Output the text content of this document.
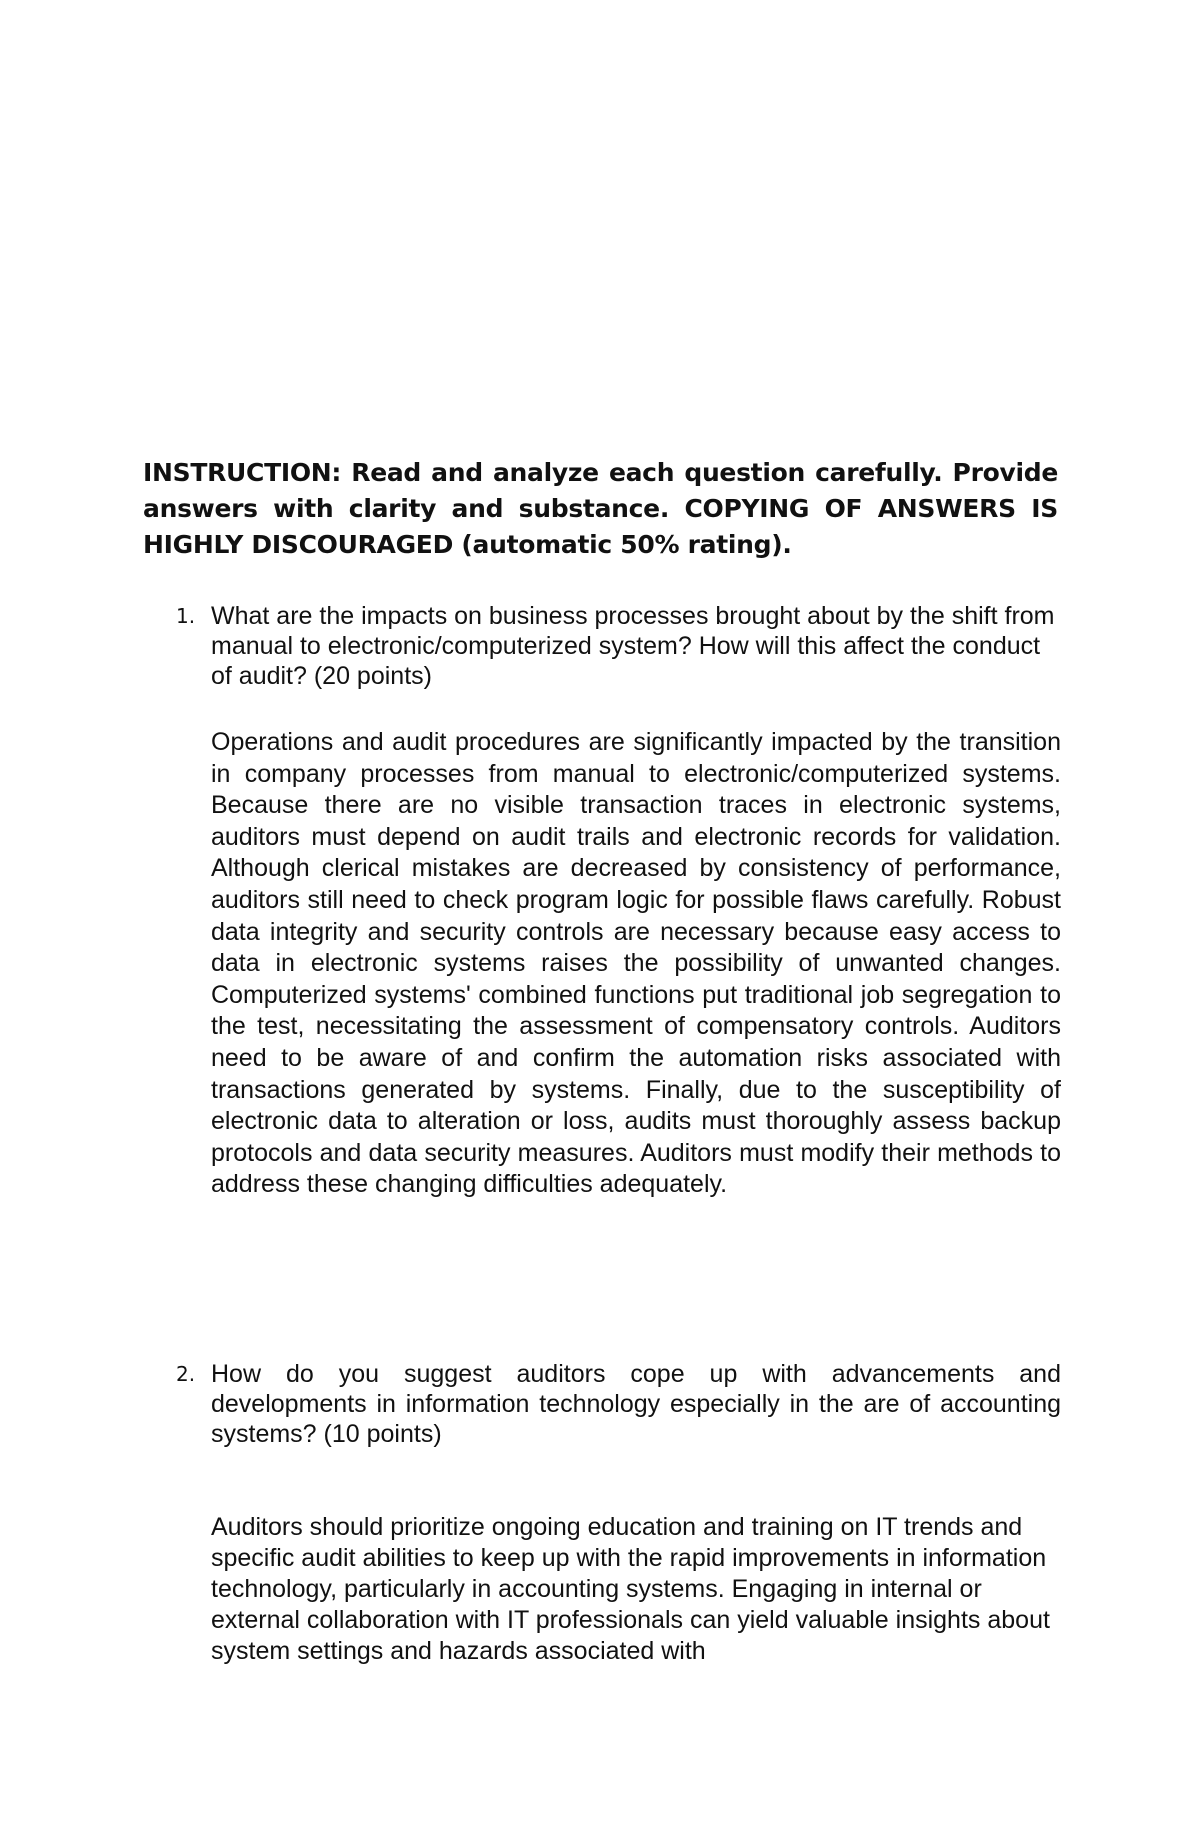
INSTRUCTION: Read and analyze each question carefully. Provide answers with clarity and substance. COPYING OF ANSWERS IS HIGHLY DISCOURAGED (automatic 50% rating).
1. What are the impacts on business processes brought about by the shift from manual to electronic/computerized system? How will this affect the conduct of audit? (20 points)
Operations and audit procedures are significantly impacted by the transition in company processes from manual to electronic/computerized systems. Because there are no visible transaction traces in electronic systems, auditors must depend on audit trails and electronic records for validation. Although clerical mistakes are decreased by consistency of performance, auditors still need to check program logic for possible flaws carefully. Robust data integrity and security controls are necessary because easy access to data in electronic systems raises the possibility of unwanted changes. Computerized systems' combined functions put traditional job segregation to the test, necessitating the assessment of compensatory controls. Auditors need to be aware of and confirm the automation risks associated with transactions generated by systems. Finally, due to the susceptibility of electronic data to alteration or loss, audits must thoroughly assess backup protocols and data security measures. Auditors must modify their methods to address these changing difficulties adequately.
2. How do you suggest auditors cope up with advancements and developments in information technology especially in the are of accounting systems? (10 points)
Auditors should prioritize ongoing education and training on IT trends and specific audit abilities to keep up with the rapid improvements in information technology, particularly in accounting systems. Engaging in internal or external collaboration with IT professionals can yield valuable insights about system settings and hazards associated with
